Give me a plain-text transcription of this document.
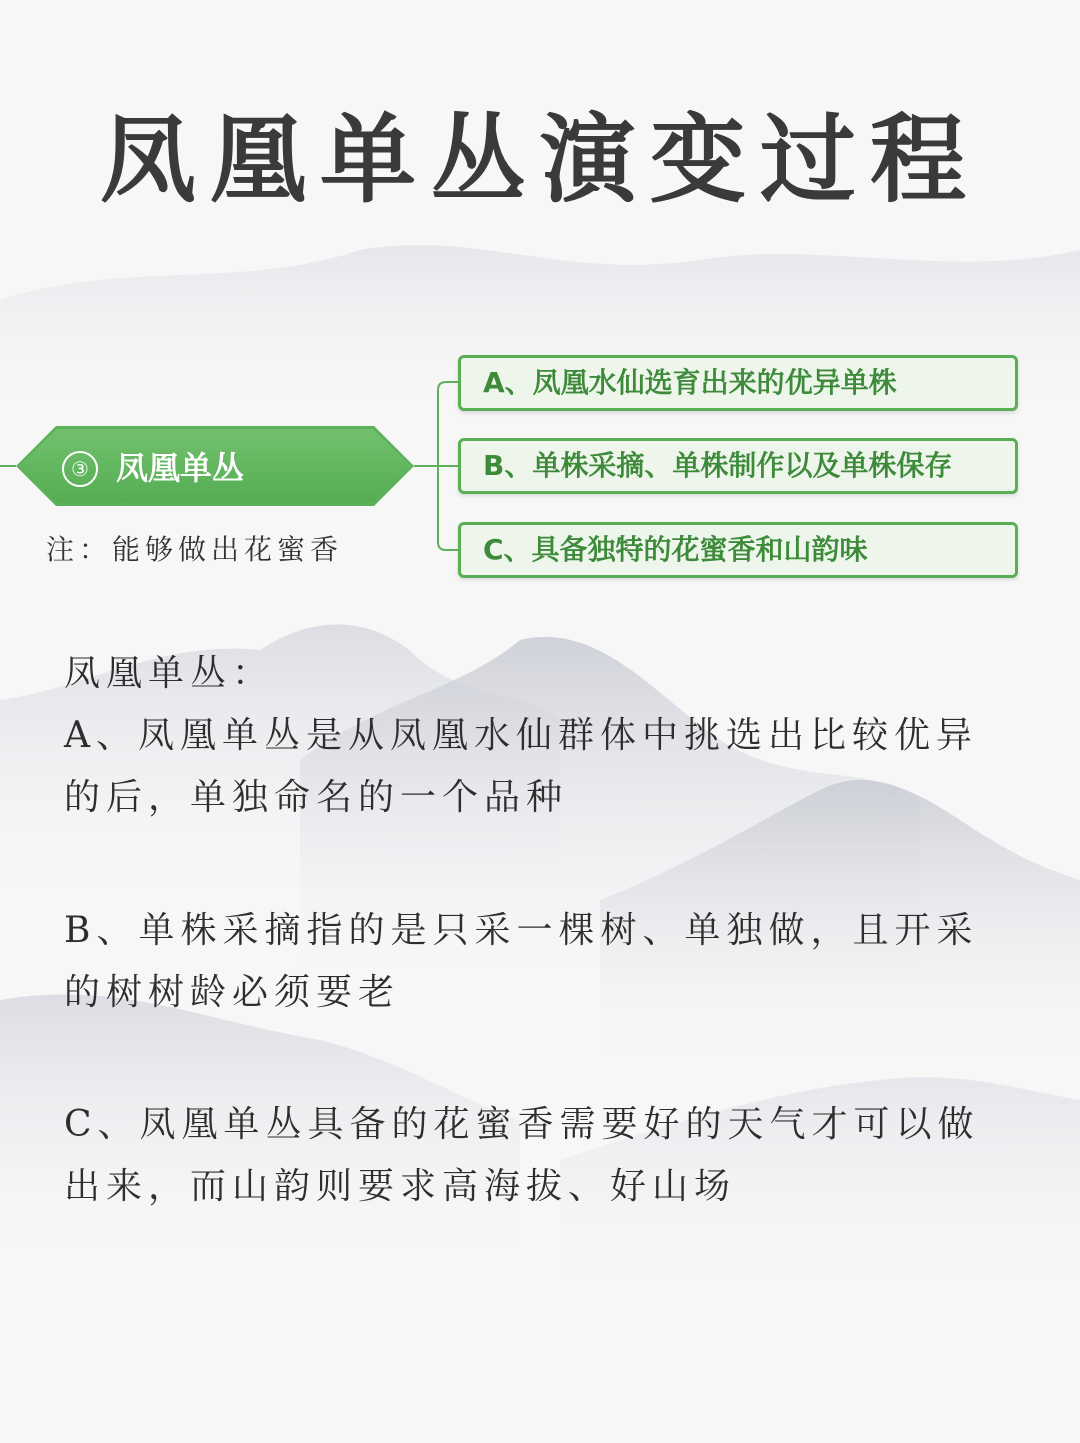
凤凰单丛演变过程
③ 凤凰单丛
注：能够做出花蜜香
A、凤凰水仙选育出来的优异单株
B、单株采摘、单株制作以及单株保存
C、具备独特的花蜜香和山韵味

凤凰单丛：

A、凤凰单丛是从凤凰水仙群体中挑选出比较优异

的后，单独命名的一个品种

B、单株采摘指的是只采一棵树、单独做，且开采

的树树龄必须要老

C、凤凰单丛具备的花蜜香需要好的天气才可以做

出来，而山韵则要求高海拔、好山场
